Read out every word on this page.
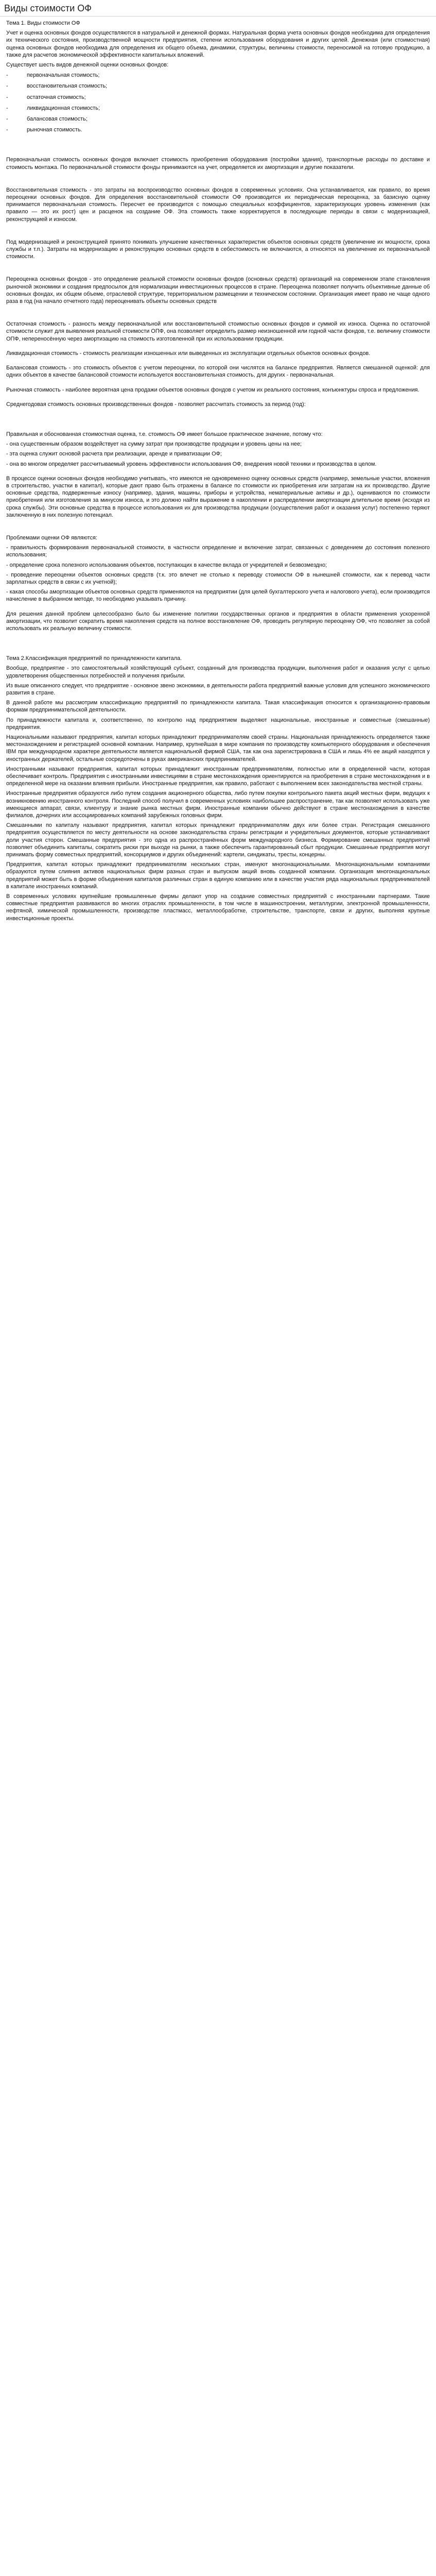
Виды стоимости ОФ

Тема 1. Виды стоимости ОФ

Учет и оценка основных фондов осуществляются в натуральной и денежной формах. Натуральная форма учета основных фондов необходима для определения их технического состояния, производственной мощности предприятия, степени использования оборудования и других целей. Денежная (или стоимостная) оценка основных фондов необходима для определения их общего объема, динамики, структуры, величины стоимости, переносимой на готовую продукцию, а также для расчетов экономической эффективности капитальных вложений.

Существует шесть видов денежной оценки основных фондов:

-	первоначальная стоимость;
-	восстановительная стоимость;
-	остаточная стоимость;
-	ликвидационная стоимость;
-	балансовая стоимость;
-	рыночная стоимость.

Первоначальная стоимость основных фондов включает стоимость приобретения оборудования (постройки здания), транспортные расходы по доставке и стоимость монтажа. По первоначальной стоимости фонды принимаются на учет, определяется их амортизация и другие показатели.

Восстановительная стоимость - это затраты на воспроизводство основных фондов в современных условиях. Она устанавливается, как правило, во время переоценки основных фондов. Для определения восстановительной стоимости ОФ производится их периодическая переоценка, за базисную оценку принимается первоначальная стоимость. Пересчет ее производится с помощью специальных коэффициентов, характеризующих уровень изменения (как правило — это их рост) цен и расценок на создание ОФ. Эта стоимость также корректируется в последующие периоды в связи с модернизацией, реконструкцией и износом.

Под модернизацией и реконструкцией принято понимать улучшение качественных характеристик объектов основных средств (увеличение их мощности, срока службы и т.п.). Затраты на модернизацию и реконструкцию основных средств в себестоимость не включаются, а относятся на увеличение их первоначальной стоимости.

Переоценка основных фондов - это определение реальной стоимости основных фондов (основных средств) организаций на современном этапе становления рыночной экономики и создания предпосылок для нормализации инвестиционных процессов в стране. Переоценка позволяет получить объективные данные об основных фондах, их общем объеме, отраслевой структуре, территориальном размещении и техническом состоянии. Организация имеет право не чаще одного раза в год (на начало отчетного года) переоценивать объекты основных средств

Остаточная стоимость - разность между первоначальной или восстановительной стоимостью основных фондов и суммой их износа. Оценка по остаточной стоимости служит для выявления реальной стоимости ОПФ, она позволяет определить размер неизношенной или годной части фондов, т.е. величину стоимости ОПФ, непереносённую через амортизацию на стоимость изготовленной при их использовании продукции.

Ликвидационная стоимость - стоимость реализации изношенных или выведенных из эксплуатации отдельных объектов основных фондов.

Балансовая стоимость - это стоимость объектов с учетом переоценки, по которой они числятся на балансе предприятия. Является смешанной оценкой: для одних объектов в качестве балансовой стоимости используется восстановительная стоимость, для других - первоначальная.

Рыночная стоимость - наиболее вероятная цена продажи объектов основных фондов с учетом их реального состояния, конъюнктуры спроса и предложения.

Среднегодовая стоимость основных производственных фондов - позволяет рассчитать стоимость за период (год):

Правильная и обоснованная стоимостная оценка, т.е. стоимость ОФ имеет большое практическое значение, потому что:

- она существенным образом воздействует на сумму затрат при производстве продукции и уровень цены на нее;

- эта оценка служит основой расчета при реализации, аренде и приватизации ОФ;

- она во многом определяет рассчитываемый уровень эффективности использования ОФ, внедрения новой техники и производства в целом.

В процессе оценки основных фондов необходимо учитывать, что имеются не одновременно оценку основных средств (например, земельные участки, вложения в строительство, участки в капитал), которые дают право быть отражены в балансе по стоимости их приобретения или затратам на их производство. Другие основные средства, подверженные износу (например, здания, машины, приборы и устройства, нематериальные активы и др.), оцениваются по стоимости приобретения или изготовления за минусом износа, и это должно найти выражение в накоплении и распределении амортизации длительное время (исходя из срока службы). Эти основные средства в процессе использования их для производства продукции (осуществления работ и оказания услуг) постепенно теряют заключенную в них полезную потенциал.

Проблемами оценки ОФ являются:

- правильность формирования первоначальной стоимости, в частности определение и включение затрат, связанных с доведением до состояния полезного использования;

- определение срока полезного использования объектов, поступающих в качестве вклада от учредителей и безвозмездно;

- проведение переоценки объектов основных средств (т.к. это влечет не столько к переводу стоимости ОФ в нынешней стоимости, как к перевод части зарплатных средств в связи с их учетной);

- какая способы амортизации объектов основных средств применяются на предприятии (для целей бухгалтерского учета и налогового учета), если производится начисление в выбранном методе, то необходимо указывать причину.

Для решения данной проблем целесообразно было бы изменение политики государственных органов и предприятия в области применения ускоренной амортизации, что позволит сократить время накопления средств на полное восстановление ОФ, проводить регулярную переоценку ОФ, что позволяет за собой использовать их реальную величину стоимости.

Тема 2.Классификация предприятий по принадлежности капитала.

Вообще, предприятие - это самостоятельный хозяйствующий субъект, созданный для производства продукции, выполнения работ и оказания услуг с целью удовлетворения общественных потребностей и получения прибыли.

Из выше описанного следует, что предприятие - основное звено экономики, в деятельности работа предприятий важные условия для успешного экономического развития в стране.

В данной работе мы рассмотрим классификацию предприятий по принадлежности капитала. Такая классификация относится к организационно-правовым формам предпринимательской деятельности.

По принадлежности капитала и, соответственно, по контролю над предприятием выделяют национальные, иностранные и совместные (смешанные) предприятия.

Национальными называют предприятия, капитал которых принадлежит предпринимателям своей страны. Национальная принадлежность определяется также местонахождением и регистрацией основной компании. Например, крупнейшая в мире компания по производству компьютерного оборудования и обеспечения IBM при международном характере деятельности является национальной фирмой США, так как она зарегистрирована в США и лишь 4% ее акций находятся у иностранных держателей, остальные сосредоточены в руках американских предпринимателей.

Иностранными называют предприятия, капитал которых принадлежит иностранным предпринимателям, полностью или в определенной части, которая обеспечивает контроль. Предприятия с иностранными инвестициями в стране местонахождения ориентируются на приобретения в стране местонахождения и в определенной мере на оказании влияния прибыли. Иностранные предприятия, как правило, работают с выполнением всех законодательства местной страны.

Иностранные предприятия образуются либо путем создания акционерного общества, либо путем покупки контрольного пакета акций местных фирм, ведущих к возникновению иностранного контроля. Последний способ получил в современных условиях наибольшее распространение, так как позволяет использовать уже имеющиеся аппарат, связи, клиентуру и знание рынка местных фирм. Иностранные компании обычно действуют в стране местонахождения в качестве филиалов, дочерних или ассоциированных компаний зарубежных головных фирм.

Смешанными по капиталу называют предприятия, капитал которых принадлежит предпринимателям двух или более стран. Регистрация смешанного предприятия осуществляется по месту деятельности на основе законодательства страны регистрации и учредительных документов, которые устанавливают доли участия сторон. Смешанные предприятия - это одна из распространённых форм международного бизнеса. Формирование смешанных предприятий позволяет объединить капиталы, сократить риски при выходе на рынки, а также обеспечить гарантированный сбыт продукции. Смешанные предприятия могут принимать форму совместных предприятий, консорциумов и других объединений: картели, синдикаты, тресты, концерны.

Предприятия, капитал которых принадлежит предпринимателям нескольких стран, именуют многонациональными. Многонациональными компаниями образуются путем слияния активов национальных фирм разных стран и выпуском акций вновь созданной компании. Организация многонациональных предприятий может быть в форме объединения капиталов различных стран в единую компанию или в качестве участия ряда национальных предпринимателей в капитале иностранных компаний.

В современных условиях крупнейшие промышленные фирмы делают упор на создание совместных предприятий с иностранными партнерами. Такие совместные предприятия развиваются во многих отраслях промышленности, в том числе в машиностроении, металлургии, электронной промышленности, нефтяной, химической промышленности, производстве пластмасс, металлообработке, строительстве, транспорте, связи и других, выполняя крупные инвестиционные проекты.
